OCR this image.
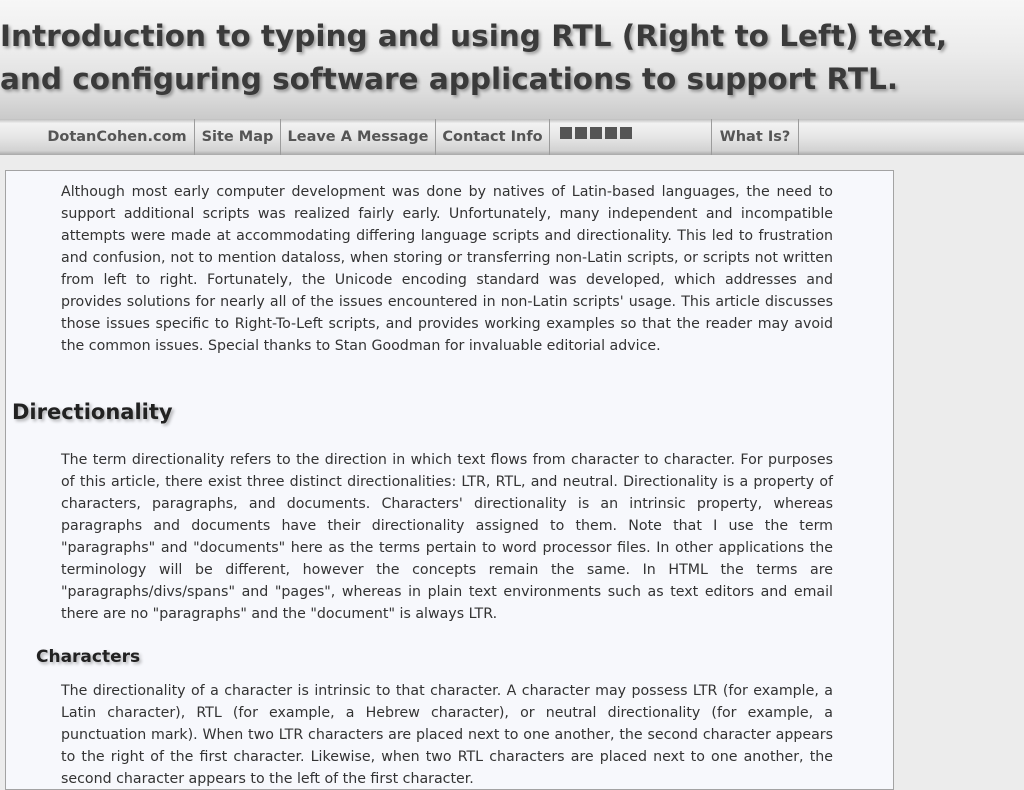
Introduction to typing and using RTL (Right to Left) text, and configuring software applications to support RTL.
DotanCohen.com	Site Map Leave A Message Contact Info	What Is?

Although most early computer development was done by natives of Latin-based languages, the need to support additional scripts was realized fairly early. Unfortunately, many independent and incompatible attempts were made at accommodating differing language scripts and directionality. This led to frustration and confusion, not to mention dataloss, when storing or transferring non-Latin scripts, or scripts not written from left to right. Fortunately, the Unicode encoding standard was developed, which addresses and provides solutions for nearly all of the issues encountered in non-Latin scripts' usage. This article discusses those issues specific to Right-To-Left scripts, and provides working examples so that the reader may avoid the common issues. Special thanks to Stan Goodman for invaluable editorial advice.

Directionality

The term directionality refers to the direction in which text flows from character to character. For purposes of this article, there exist three distinct directionalities: LTR, RTL, and neutral. Directionality is a property of characters, paragraphs, and documents. Characters' directionality is an intrinsic property, whereas paragraphs and documents have their directionality assigned to them. Note that I use the term "paragraphs" and "documents" here as the terms pertain to word processor files. In other applications the terminology will be different, however the concepts remain the same. In HTML the terms are "paragraphs/divs/spans" and "pages", whereas in plain text environments such as text editors and email there are no "paragraphs" and the "document" is always LTR.

Characters

The directionality of a character is intrinsic to that character. A character may possess LTR (for example, a Latin character), RTL (for example, a Hebrew character), or neutral directionality (for example, a punctuation mark). When two LTR characters are placed next to one another, the second character appears to the right of the first character. Likewise, when two RTL characters are placed next to one another, the second character appears to the left of the first character.
